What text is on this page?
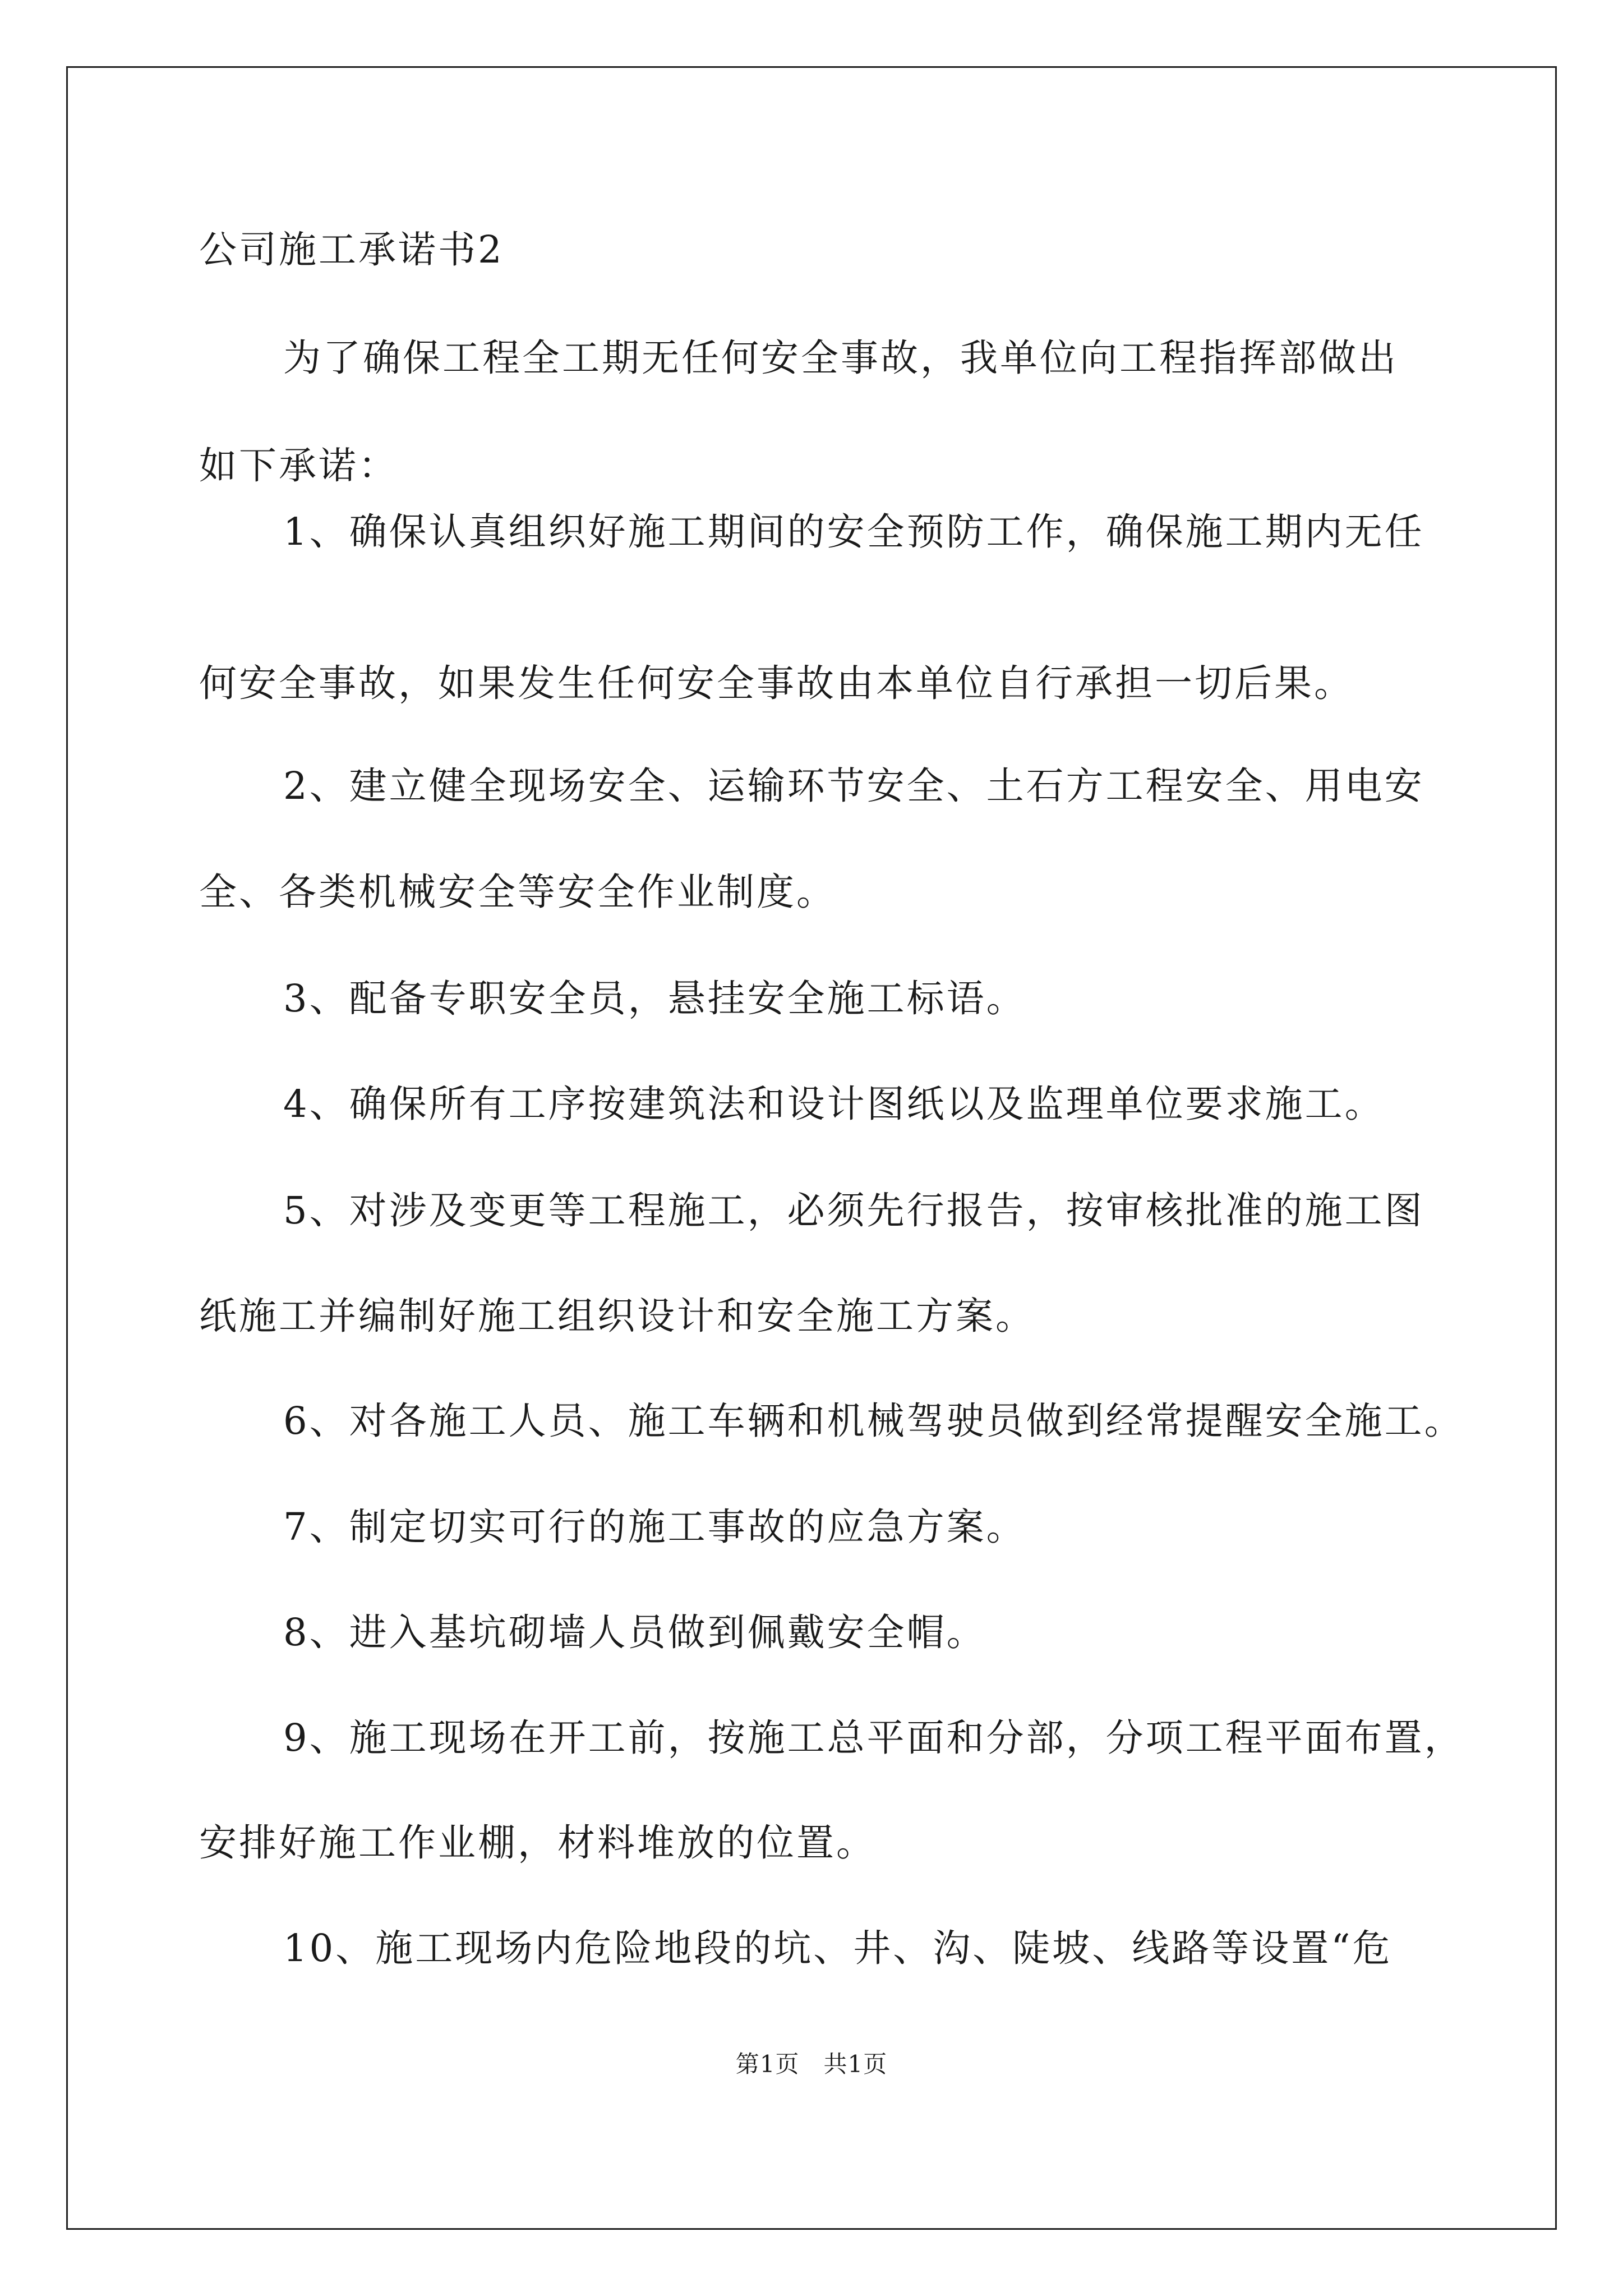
公司施工承诺书2
为了确保工程全工期无任何安全事故，我单位向工程指挥部做出
如下承诺：
1、确保认真组织好施工期间的安全预防工作，确保施工期内无任
何安全事故，如果发生任何安全事故由本单位自行承担一切后果。
2、建立健全现场安全、运输环节安全、土石方工程安全、用电安
全、各类机械安全等安全作业制度。
3、配备专职安全员，悬挂安全施工标语。
4、确保所有工序按建筑法和设计图纸以及监理单位要求施工。
5、对涉及变更等工程施工，必须先行报告，按审核批准的施工图
纸施工并编制好施工组织设计和安全施工方案。
6、对各施工人员、施工车辆和机械驾驶员做到经常提醒安全施工。
7、制定切实可行的施工事故的应急方案。
8、进入基坑砌墙人员做到佩戴安全帽。
9、施工现场在开工前，按施工总平面和分部，分项工程平面布置，
安排好施工作业棚，材料堆放的位置。
10、施工现场内危险地段的坑、井、沟、陡坡、线路等设置“危
第1页　共1页
